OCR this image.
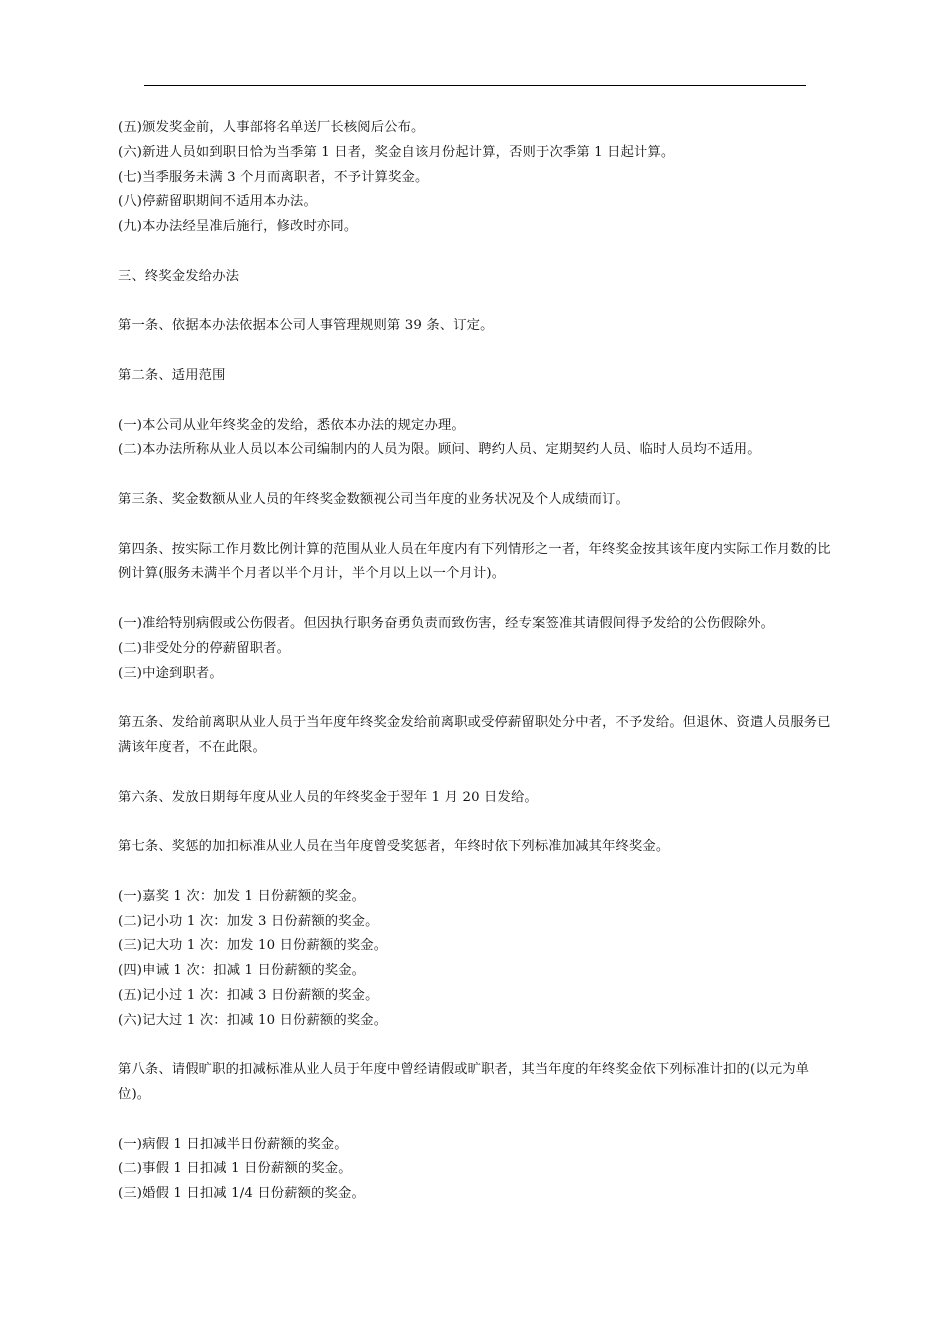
(五)颁发奖金前，人事部将名单送厂长核阅后公布。

(六)新进人员如到职日恰为当季第 1 日者，奖金自该月份起计算，否则于次季第 1 日起计算。

(七)当季服务未满 3 个月而离职者，不予计算奖金。

(八)停薪留职期间不适用本办法。

(九)本办法经呈准后施行，修改时亦同。

三、终奖金发给办法

第一条、依据本办法依据本公司人事管理规则第 39 条、订定。

第二条、适用范围

(一)本公司从业年终奖金的发给，悉依本办法的规定办理。

(二)本办法所称从业人员以本公司编制内的人员为限。顾问、聘约人员、定期契约人员、临时人员均不适用。

第三条、奖金数额从业人员的年终奖金数额视公司当年度的业务状况及个人成绩而订。

第四条、按实际工作月数比例计算的范围从业人员在年度内有下列情形之一者，年终奖金按其该年度内实际工作月数的比例计算(服务未满半个月者以半个月计，半个月以上以一个月计)。

(一)准给特别病假或公伤假者。但因执行职务奋勇负责而致伤害，经专案签准其请假间得予发给的公伤假除外。

(二)非受处分的停薪留职者。

(三)中途到职者。

第五条、发给前离职从业人员于当年度年终奖金发给前离职或受停薪留职处分中者，不予发给。但退休、资遣人员服务已满该年度者，不在此限。

第六条、发放日期每年度从业人员的年终奖金于翌年 1 月 20 日发给。

第七条、奖惩的加扣标准从业人员在当年度曾受奖惩者，年终时依下列标准加减其年终奖金。

(一)嘉奖 1 次：加发 1 日份薪额的奖金。

(二)记小功 1 次：加发 3 日份薪额的奖金。

(三)记大功 1 次：加发 10 日份薪额的奖金。

(四)申诫 1 次：扣减 1 日份薪额的奖金。

(五)记小过 1 次：扣减 3 日份薪额的奖金。

(六)记大过 1 次：扣减 10 日份薪额的奖金。

第八条、请假旷职的扣减标准从业人员于年度中曾经请假或旷职者，其当年度的年终奖金依下列标准计扣的(以元为单位)。

(一)病假 1 日扣减半日份薪额的奖金。

(二)事假 1 日扣减 1 日份薪额的奖金。

(三)婚假 1 日扣减 1/4 日份薪额的奖金。
